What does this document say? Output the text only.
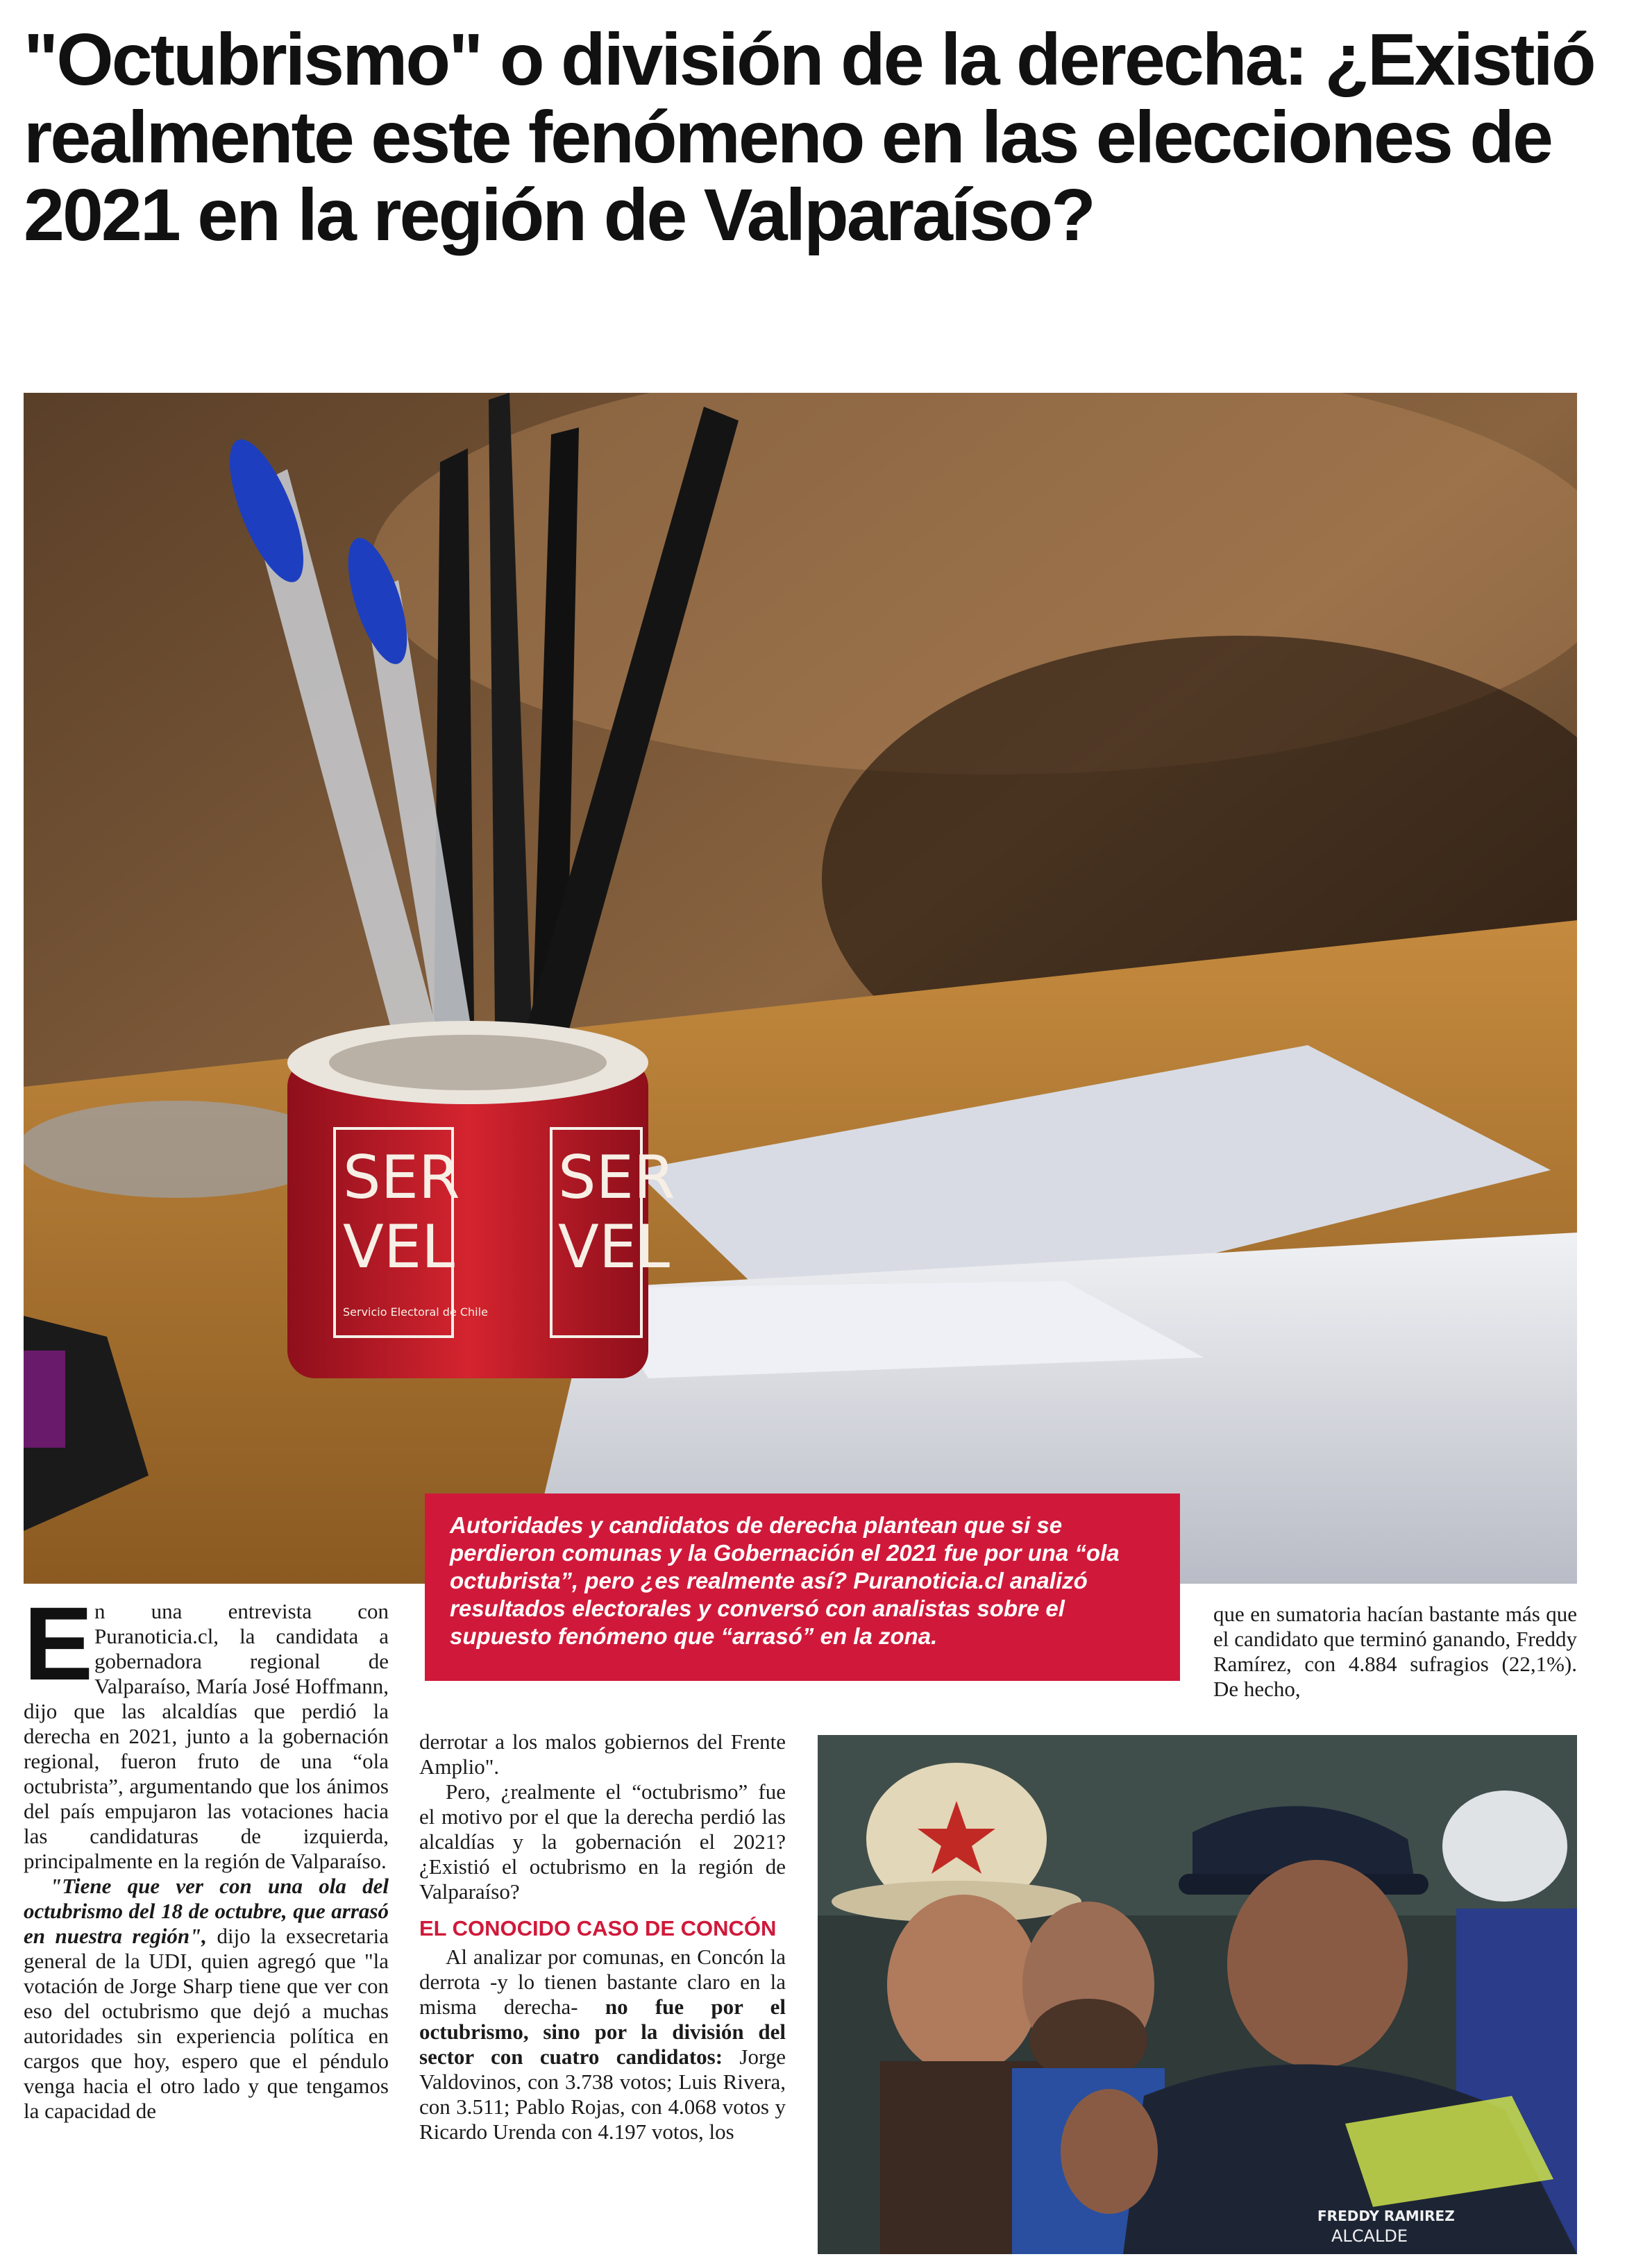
"Octubrismo" o división de la derecha: ¿Existió realmente este fenómeno en las elecciones de 2021 en la región de Valparaíso?
SER
VEL
Servicio Electoral de Chile
SER
VEL
Autoridades y candidatos de derecha plantean que si se perdieron comunas y la Gobernación el 2021 fue por una “ola octubrista”, pero ¿es realmente así? Puranoticia.cl analizó resultados electorales y conversó con analistas sobre el supuesto fenómeno que “arrasó” en la zona.
E n una entrevista con Puranoticia.cl, la candidata a gobernadora regional de Valparaíso, María José Hoffmann, dijo que las alcaldías que perdió la derecha en 2021, junto a la gobernación regional, fueron fruto de una “ola octubrista”, argumentando que los ánimos del país empujaron las votaciones hacia las candidaturas de izquierda, principalmente en la región de Valparaíso.

"Tiene que ver con una ola del octubrismo del 18 de octubre, que arrasó en nuestra región", dijo la exsecretaria general de la UDI, quien agregó que "la votación de Jorge Sharp tiene que ver con eso del octubrismo que dejó a muchas autoridades sin experiencia política en cargos que hoy, espero que el péndulo venga hacia el otro lado y que tengamos la capacidad de

derrotar a los malos gobiernos del Frente Amplio".

Pero, ¿realmente el “octubrismo” fue el motivo por el que la derecha perdió las alcaldías y la gobernación el 2021? ¿Existió el octubrismo en la región de Valparaíso?

EL CONOCIDO CASO DE CONCÓN

Al analizar por comunas, en Concón la derrota -y lo tienen bastante claro en la misma derecha- no fue por el octubrismo, sino por la división del sector con cuatro candidatos: Jorge Valdovinos, con 3.738 votos; Luis Rivera, con 3.511; Pablo Rojas, con 4.068 votos y Ricardo Urenda con 4.197 votos, los

que en sumatoria hacían bastante más que el candidato que terminó ganando, Freddy Ramírez, con 4.884 sufragios (22,1%). De hecho,

FREDDY RAMIREZ
ALCALDE
